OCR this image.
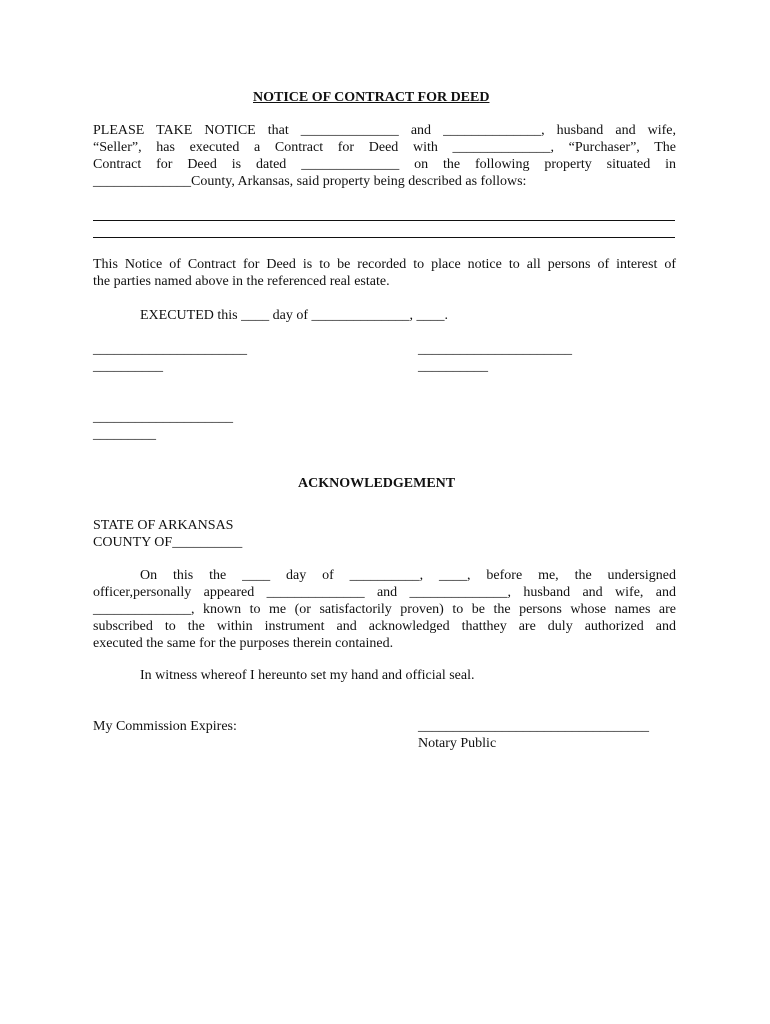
NOTICE OF CONTRACT FOR DEED
PLEASE TAKE NOTICE that ______________ and ______________, husband and wife,
“Seller”, has executed a Contract for Deed with ______________, “Purchaser”, The
Contract for Deed is dated ______________ on the following property situated in
______________County, Arkansas, said property being described as follows:
This Notice of Contract for Deed is to be recorded to place notice to all persons of interest of
the parties named above in the referenced real estate.
EXECUTED this ____ day of ______________, ____.
______________________
__________
______________________
__________
____________________
_________
ACKNOWLEDGEMENT
STATE OF ARKANSAS
COUNTY OF__________
On this the ____ day of __________, ____, before me, the undersigned
officer,personally appeared ______________ and ______________, husband and wife, and
______________, known to me (or satisfactorily proven) to be the persons whose names are
subscribed to the within instrument and acknowledged thatthey are duly authorized and
executed the same for the purposes therein contained.
In witness whereof I hereunto set my hand and official seal.
My Commission Expires:	_________________________________
Notary Public
